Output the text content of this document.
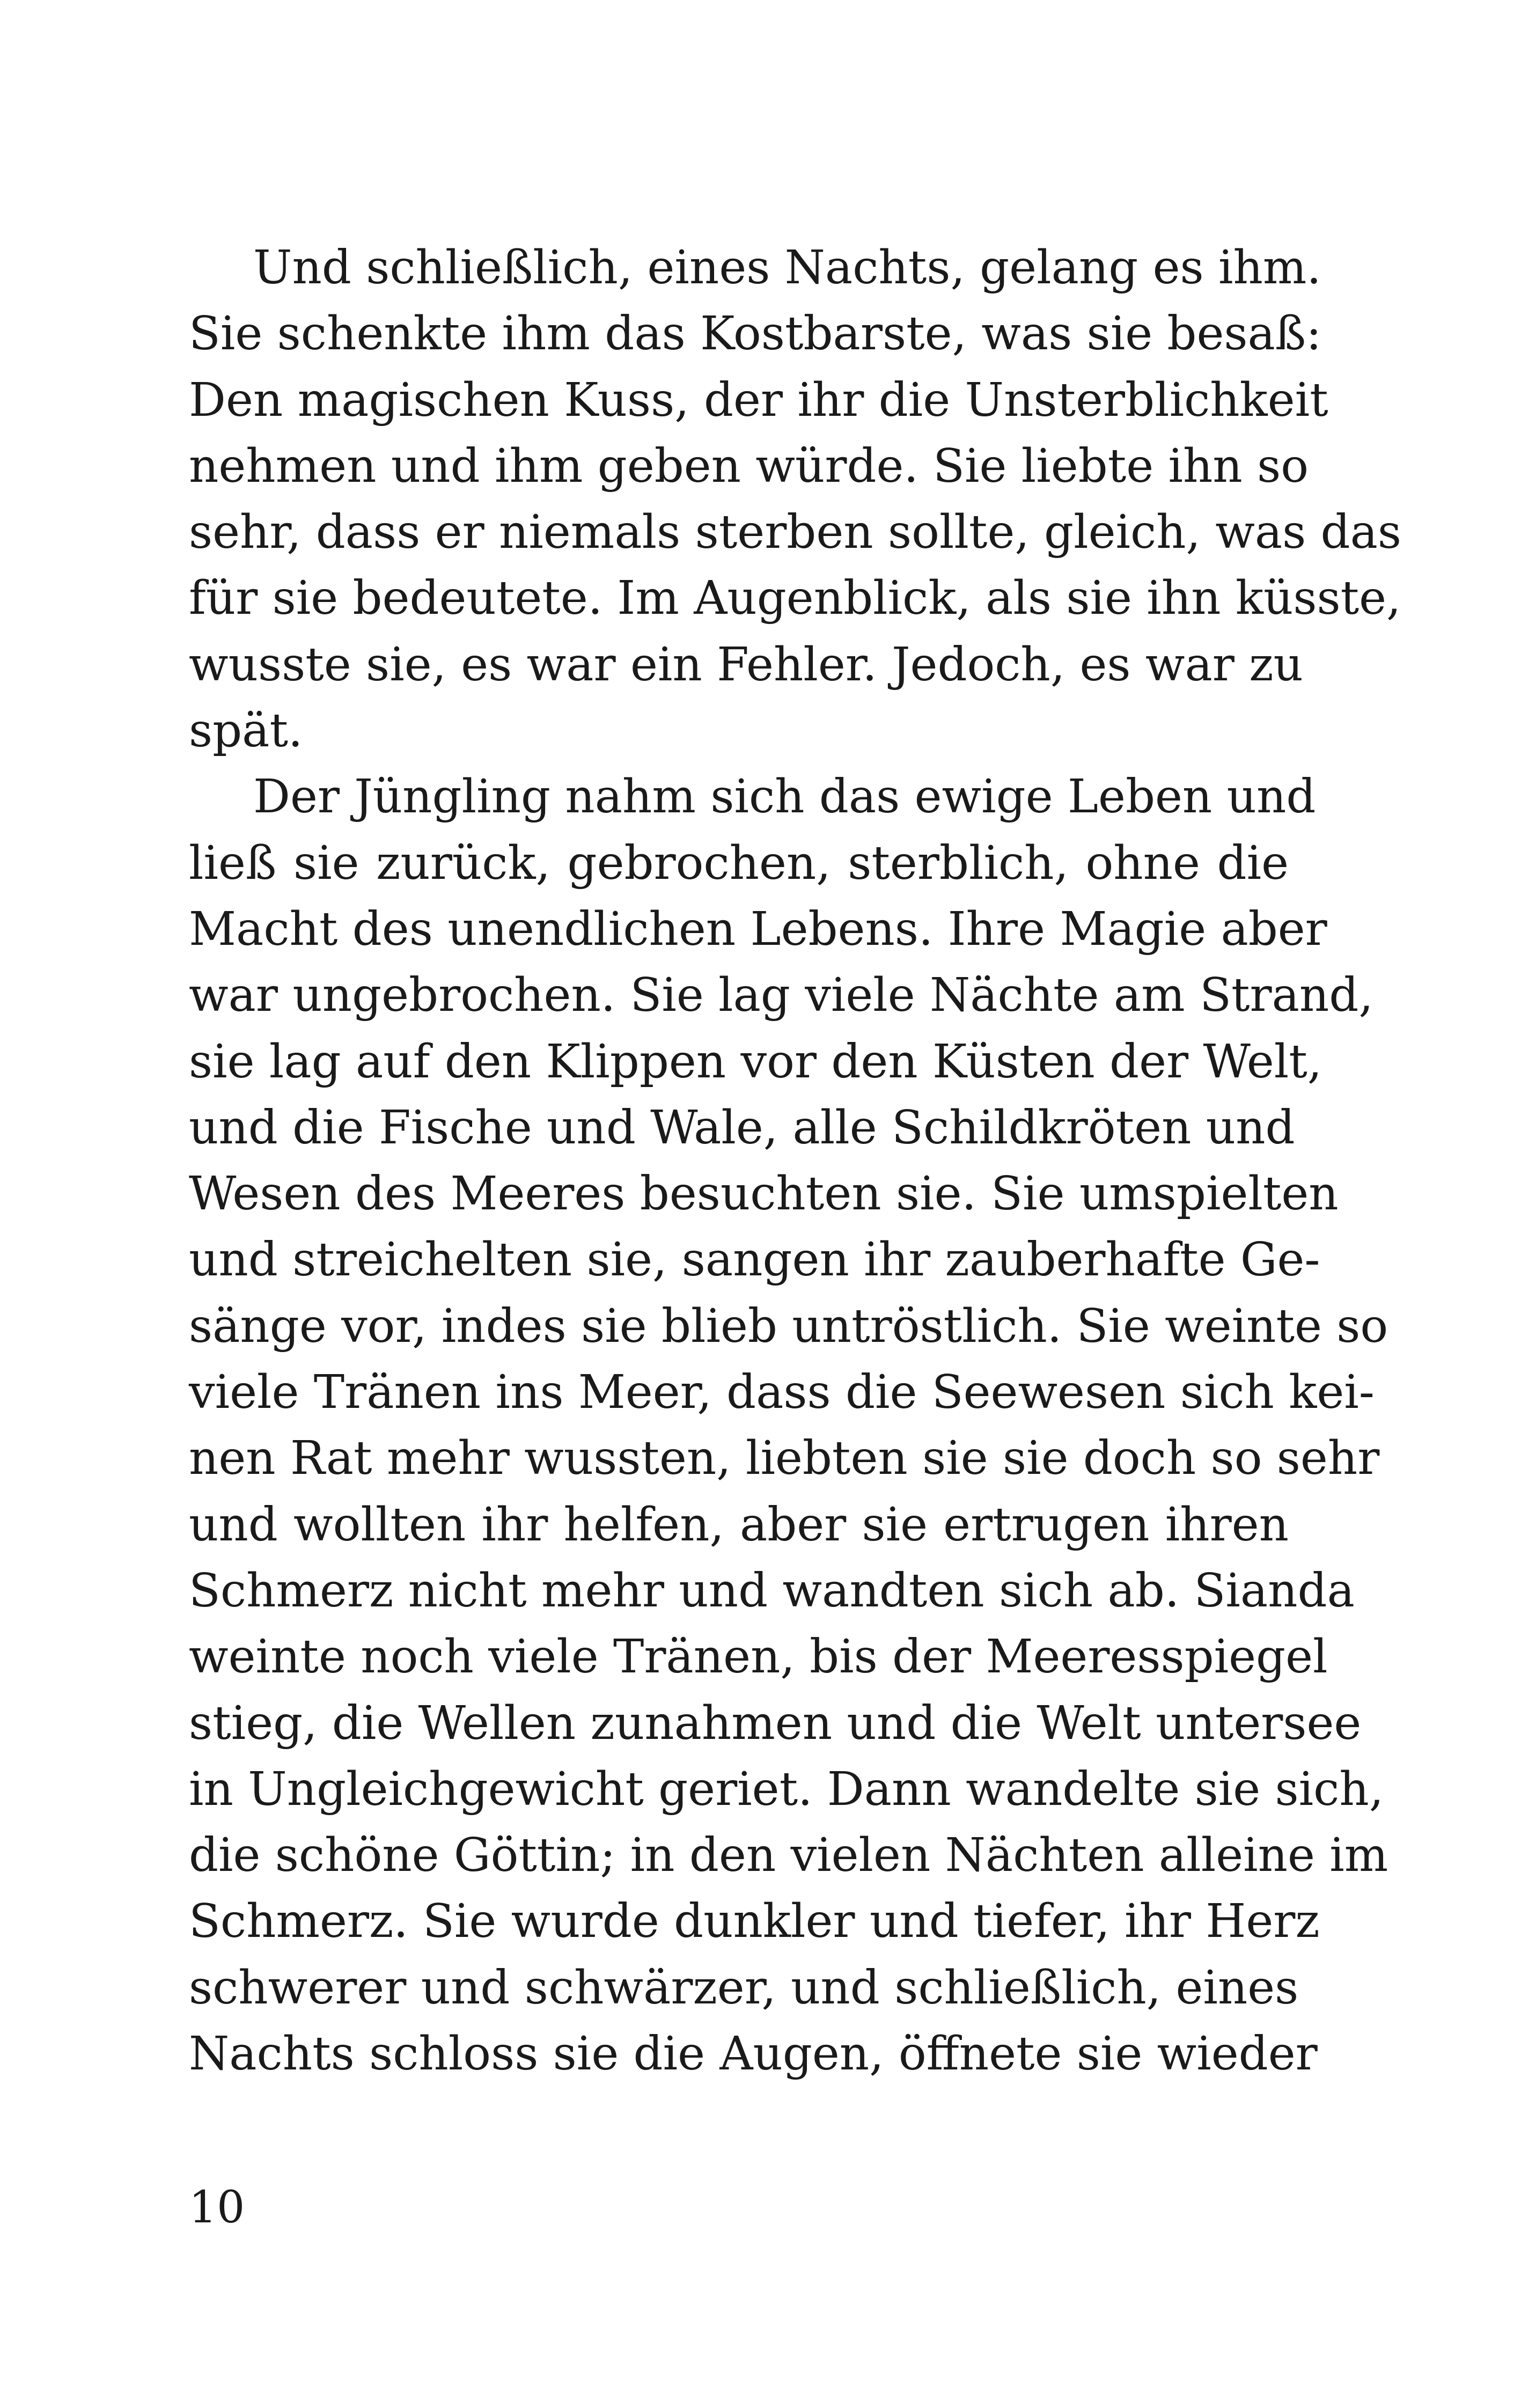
Und schließlich, eines Nachts, gelang es ihm.
Sie schenkte ihm das Kostbarste, was sie besaß:
Den magischen Kuss, der ihr die Unsterblichkeit
nehmen und ihm geben würde. Sie liebte ihn so
sehr, dass er niemals sterben sollte, gleich, was das
für sie bedeutete. Im Augenblick, als sie ihn küsste,
wusste sie, es war ein Fehler. Jedoch, es war zu
spät.
Der Jüngling nahm sich das ewige Leben und
ließ sie zurück, gebrochen, sterblich, ohne die
Macht des unendlichen Lebens. Ihre Magie aber
war ungebrochen. Sie lag viele Nächte am Strand,
sie lag auf den Klippen vor den Küsten der Welt,
und die Fische und Wale, alle Schildkröten und
Wesen des Meeres besuchten sie. Sie umspielten
und streichelten sie, sangen ihr zauberhafte Ge-
sänge vor, indes sie blieb untröstlich. Sie weinte so
viele Tränen ins Meer, dass die Seewesen sich kei-
nen Rat mehr wussten, liebten sie sie doch so sehr
und wollten ihr helfen, aber sie ertrugen ihren
Schmerz nicht mehr und wandten sich ab. Sianda
weinte noch viele Tränen, bis der Meeresspiegel
stieg, die Wellen zunahmen und die Welt untersee
in Ungleichgewicht geriet. Dann wandelte sie sich,
die schöne Göttin; in den vielen Nächten alleine im
Schmerz. Sie wurde dunkler und tiefer, ihr Herz
schwerer und schwärzer, und schließlich, eines
Nachts schloss sie die Augen, öffnete sie wieder
10
